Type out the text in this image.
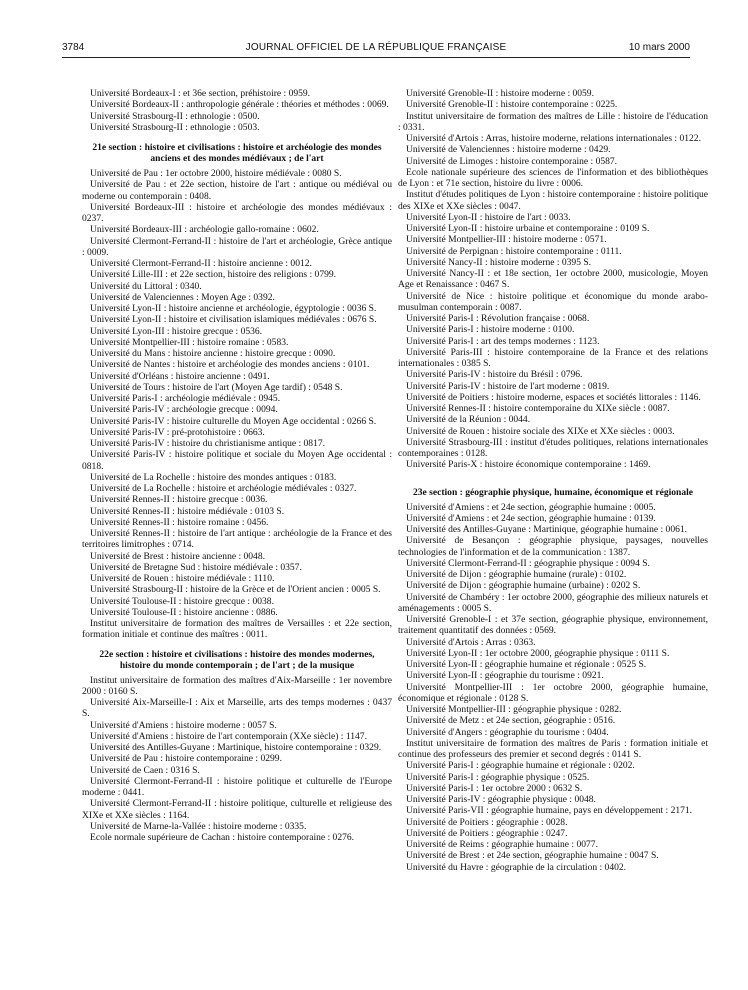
3784	JOURNAL OFFICIEL DE LA RÉPUBLIQUE FRANÇAISE	10 mars 2000

Université Bordeaux-I : et 36e section, préhistoire : 0959.

Université Bordeaux-II : anthropologie générale : théories et méthodes : 0069.

Université Strasbourg-II : ethnologie : 0500.

Université Strasbourg-II : ethnologie : 0503.

21e section : histoire et civilisations : histoire et archéologie des mondes anciens et des mondes médiévaux ; de l'art

Université de Pau : 1er octobre 2000, histoire médiévale : 0080 S.

Université de Pau : et 22e section, histoire de l'art : antique ou médiéval ou moderne ou contemporain : 0408.

Université Bordeaux-III : histoire et archéologie des mondes médiévaux : 0237.

Université Bordeaux-III : archéologie gallo-romaine : 0602.

Université Clermont-Ferrand-II : histoire de l'art et archéologie, Grèce antique : 0009.

Université Clermont-Ferrand-II : histoire ancienne : 0012.

Université Lille-III : et 22e section, histoire des religions : 0799.

Université du Littoral : 0340.

Université de Valenciennes : Moyen Age : 0392.

Université Lyon-II : histoire ancienne et archéologie, égyptologie : 0036 S.

Université Lyon-II : histoire et civilisation islamiques médiévales : 0676 S.

Université Lyon-III : histoire grecque : 0536.

Université Montpellier-III : histoire romaine : 0583.

Université du Mans : histoire ancienne : histoire grecque : 0090.

Université de Nantes : histoire et archéologie des mondes anciens : 0101.

Université d'Orléans : histoire ancienne : 0491.

Université de Tours : histoire de l'art (Moyen Age tardif) : 0548 S.

Université Paris-I : archéologie médiévale : 0945.

Université Paris-IV : archéologie grecque : 0094.

Université Paris-IV : histoire culturelle du Moyen Age occidental : 0266 S.

Université Paris-IV : pré-protohistoire : 0663.

Université Paris-IV : histoire du christianisme antique : 0817.

Université Paris-IV : histoire politique et sociale du Moyen Age occidental : 0818.

Université de La Rochelle : histoire des mondes antiques : 0183.

Université de La Rochelle : histoire et archéologie médiévales : 0327.

Université Rennes-II : histoire grecque : 0036.

Université Rennes-II : histoire médiévale : 0103 S.

Université Rennes-II : histoire romaine : 0456.

Université Rennes-II : histoire de l'art antique : archéologie de la France et des territoires limitrophes : 0714.

Université de Brest : histoire ancienne : 0048.

Université de Bretagne Sud : histoire médiévale : 0357.

Université de Rouen : histoire médiévale : 1110.

Université Strasbourg-II : histoire de la Grèce et de l'Orient ancien : 0005 S.

Université Toulouse-II : histoire grecque : 0038.

Université Toulouse-II : histoire ancienne : 0886.

Institut universitaire de formation des maîtres de Versailles : et 22e section, formation initiale et continue des maîtres : 0011.

22e section : histoire et civilisations : histoire des mondes modernes, histoire du monde contemporain ; de l'art ; de la musique

Institut universitaire de formation des maîtres d'Aix-Marseille : 1er novembre 2000 : 0160 S.

Université Aix-Marseille-I : Aix et Marseille, arts des temps modernes : 0437 S.

Université d'Amiens : histoire moderne : 0057 S.

Université d'Amiens : histoire de l'art contemporain (XXe siècle) : 1147.

Université des Antilles-Guyane : Martinique, histoire contemporaine : 0329.

Université de Pau : histoire contemporaine : 0299.

Université de Caen : 0316 S.

Université Clermont-Ferrand-II : histoire politique et culturelle de l'Europe moderne : 0441.

Université Clermont-Ferrand-II : histoire politique, culturelle et religieuse des XIXe et XXe siècles : 1164.

Université de Marne-la-Vallée : histoire moderne : 0335.

Ecole normale supérieure de Cachan : histoire contemporaine : 0276.

Université Grenoble-II : histoire moderne : 0059.

Université Grenoble-II : histoire contemporaine : 0225.

Institut universitaire de formation des maîtres de Lille : histoire de l'éducation : 0331.

Université d'Artois : Arras, histoire moderne, relations internationales : 0122.

Université de Valenciennes : histoire moderne : 0429.

Université de Limoges : histoire contemporaine : 0587.

Ecole nationale supérieure des sciences de l'information et des bibliothèques de Lyon : et 71e section, histoire du livre : 0006.

Institut d'études politiques de Lyon : histoire contemporaine : histoire politique des XIXe et XXe siècles : 0047.

Université Lyon-II : histoire de l'art : 0033.

Université Lyon-II : histoire urbaine et contemporaine : 0109 S.

Université Montpellier-III : histoire moderne : 0571.

Université de Perpignan : histoire contemporaine : 0111.

Université Nancy-II : histoire moderne : 0395 S.

Université Nancy-II : et 18e section, 1er octobre 2000, musicologie, Moyen Age et Renaissance : 0467 S.

Université de Nice : histoire politique et économique du monde arabo-musulman contemporain : 0087.

Université Paris-I : Révolution française : 0068.

Université Paris-I : histoire moderne : 0100.

Université Paris-I : art des temps modernes : 1123.

Université Paris-III : histoire contemporaine de la France et des relations internationales : 0385 S.

Université Paris-IV : histoire du Brésil : 0796.

Université Paris-IV : histoire de l'art moderne : 0819.

Université de Poitiers : histoire moderne, espaces et sociétés littorales : 1146.

Université Rennes-II : histoire contemporaine du XIXe siècle : 0087.

Université de la Réunion : 0044.

Université de Rouen : histoire sociale des XIXe et XXe siècles : 0003.

Université Strasbourg-III : institut d'études politiques, relations internationales contemporaines : 0128.

Université Paris-X : histoire économique contemporaine : 1469.

23e section : géographie physique, humaine, économique et régionale

Université d'Amiens : et 24e section, géographie humaine : 0005.

Université d'Amiens : et 24e section, géographie humaine : 0139.

Université des Antilles-Guyane : Martinique, géographie humaine : 0061.

Université de Besançon : géographie physique, paysages, nouvelles technologies de l'information et de la communication : 1387.

Université Clermont-Ferrand-II : géographie physique : 0094 S.

Université de Dijon : géographie humaine (rurale) : 0102.

Université de Dijon : géographie humaine (urbaine) : 0202 S.

Université de Chambéry : 1er octobre 2000, géographie des milieux naturels et aménagements : 0005 S.

Université Grenoble-I : et 37e section, géographie physique, environnement, traitement quantitatif des données : 0569.

Université d'Artois : Arras : 0363.

Université Lyon-II : 1er octobre 2000, géographie physique : 0111 S.

Université Lyon-II : géographie humaine et régionale : 0525 S.

Université Lyon-II : géographie du tourisme : 0921.

Université Montpellier-III : 1er octobre 2000, géographie humaine, économique et régionale : 0128 S.

Université Montpellier-III : géographie physique : 0282.

Université de Metz : et 24e section, géographie : 0516.

Université d'Angers : géographie du tourisme : 0404.

Institut universitaire de formation des maîtres de Paris : formation initiale et continue des professeurs des premier et second degrés : 0141 S.

Université Paris-I : géographie humaine et régionale : 0202.

Université Paris-I : géographie physique : 0525.

Université Paris-I : 1er octobre 2000 : 0632 S.

Université Paris-IV : géographie physique : 0048.

Université Paris-VII : géographie humaine, pays en développement : 2171.

Université de Poitiers : géographie : 0028.

Université de Poitiers : géographie : 0247.

Université de Reims : géographie humaine : 0077.

Université de Brest : et 24e section, géographie humaine : 0047 S.

Université du Havre : géographie de la circulation : 0402.
